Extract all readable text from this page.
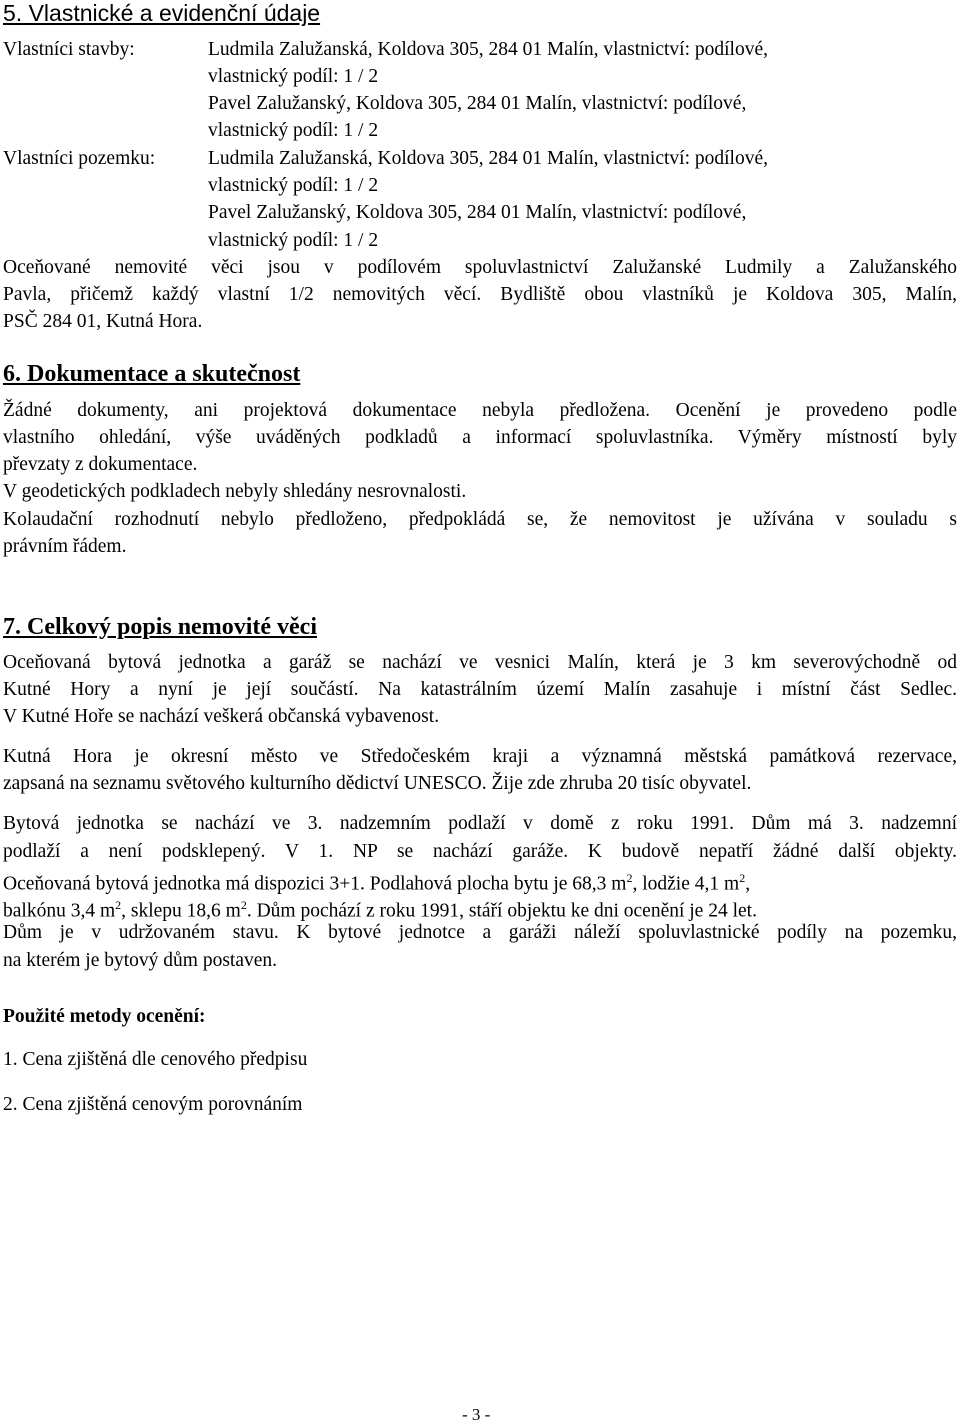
5. Vlastnické a evidenční údaje
Vlastníci stavby:	Ludmila Zalužanská, Koldova 305, 284 01 Malín, vlastnictví: podílové,
vlastnický podíl: 1 / 2
Pavel Zalužanský, Koldova 305, 284 01 Malín, vlastnictví: podílové,
vlastnický podíl: 1 / 2
Vlastníci pozemku:	Ludmila Zalužanská, Koldova 305, 284 01 Malín, vlastnictví: podílové,
vlastnický podíl: 1 / 2
Pavel Zalužanský, Koldova 305, 284 01 Malín, vlastnictví: podílové,
vlastnický podíl: 1 / 2
Oceňované nemovité věci jsou v podílovém spoluvlastnictví Zalužanské Ludmily a Zalužanského
Pavla, přičemž každý vlastní 1/2 nemovitých věcí. Bydliště obou vlastníků je Koldova 305, Malín,
PSČ 284 01, Kutná Hora.
6. Dokumentace a skutečnost
Žádné dokumenty, ani projektová dokumentace nebyla předložena. Ocenění je provedeno podle
vlastního ohledání, výše uváděných podkladů a informací spoluvlastníka. Výměry místností byly
převzaty z dokumentace.
V geodetických podkladech nebyly shledány nesrovnalosti.
Kolaudační rozhodnutí nebylo předloženo, předpokládá se, že nemovitost je užívána v souladu s
právním řádem.
7. Celkový popis nemovité věci
Oceňovaná bytová jednotka a garáž se nachází ve vesnici Malín, která je 3 km severovýchodně od
Kutné Hory a nyní je její součástí. Na katastrálním území Malín zasahuje i místní část Sedlec.
V Kutné Hoře se nachází veškerá občanská vybavenost.
Kutná Hora je okresní město ve Středočeském kraji a významná městská památková rezervace,
zapsaná na seznamu světového kulturního dědictví UNESCO. Žije zde zhruba 20 tisíc obyvatel.
Bytová jednotka se nachází ve 3. nadzemním podlaží v domě z roku 1991. Dům má 3. nadzemní
podlaží a není podsklepený. V 1. NP se nachází garáže. K budově nepatří žádné další objekty.
Oceňovaná bytová jednotka má dispozici 3+1. Podlahová plocha bytu je 68,3 $m^2$, lodžie 4,1 $m^2$,
balkónu 3,4 $m^2$, sklepu 18,6 $m^2$. Dům pochází z roku 1991, stáří objektu ke dni ocenění je 24 let.
Dům je v udržovaném stavu. K bytové jednotce a garáži náleží spoluvlastnické podíly na pozemku,
na kterém je bytový dům postaven.
Použité metody ocenění:
1. Cena zjištěná dle cenového předpisu
2. Cena zjištěná cenovým porovnáním
- 3 -
